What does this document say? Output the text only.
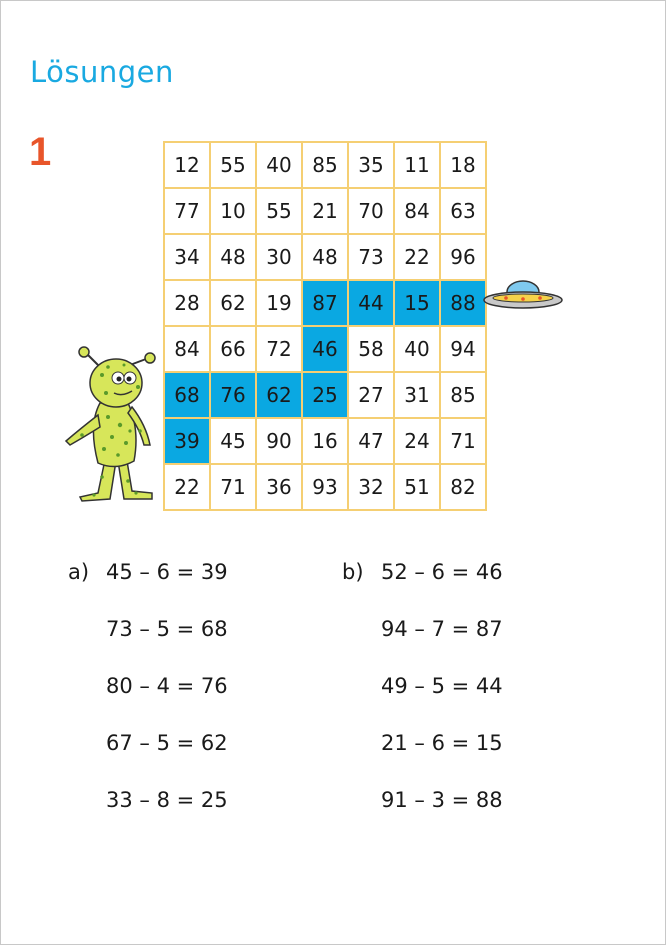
Lösungen
1	12	55	40	85	35	11	18
77	10	55	21	70	84	63
34	48	30	48	73	22	96
28	62	19	87	44	15	88
84	66	72	46	58	40	94
68	76	62	25	27	31	85
39	45	90	16	47	24	71
22	71	36	93	32	51	82
a) 45 – 6 = 39
73 – 5 = 68
80 – 4 = 76
67 – 5 = 62
33 – 8 = 25
b) 52 – 6 = 46
94 – 7 = 87
49 – 5 = 44
21 – 6 = 15
91 – 3 = 88
